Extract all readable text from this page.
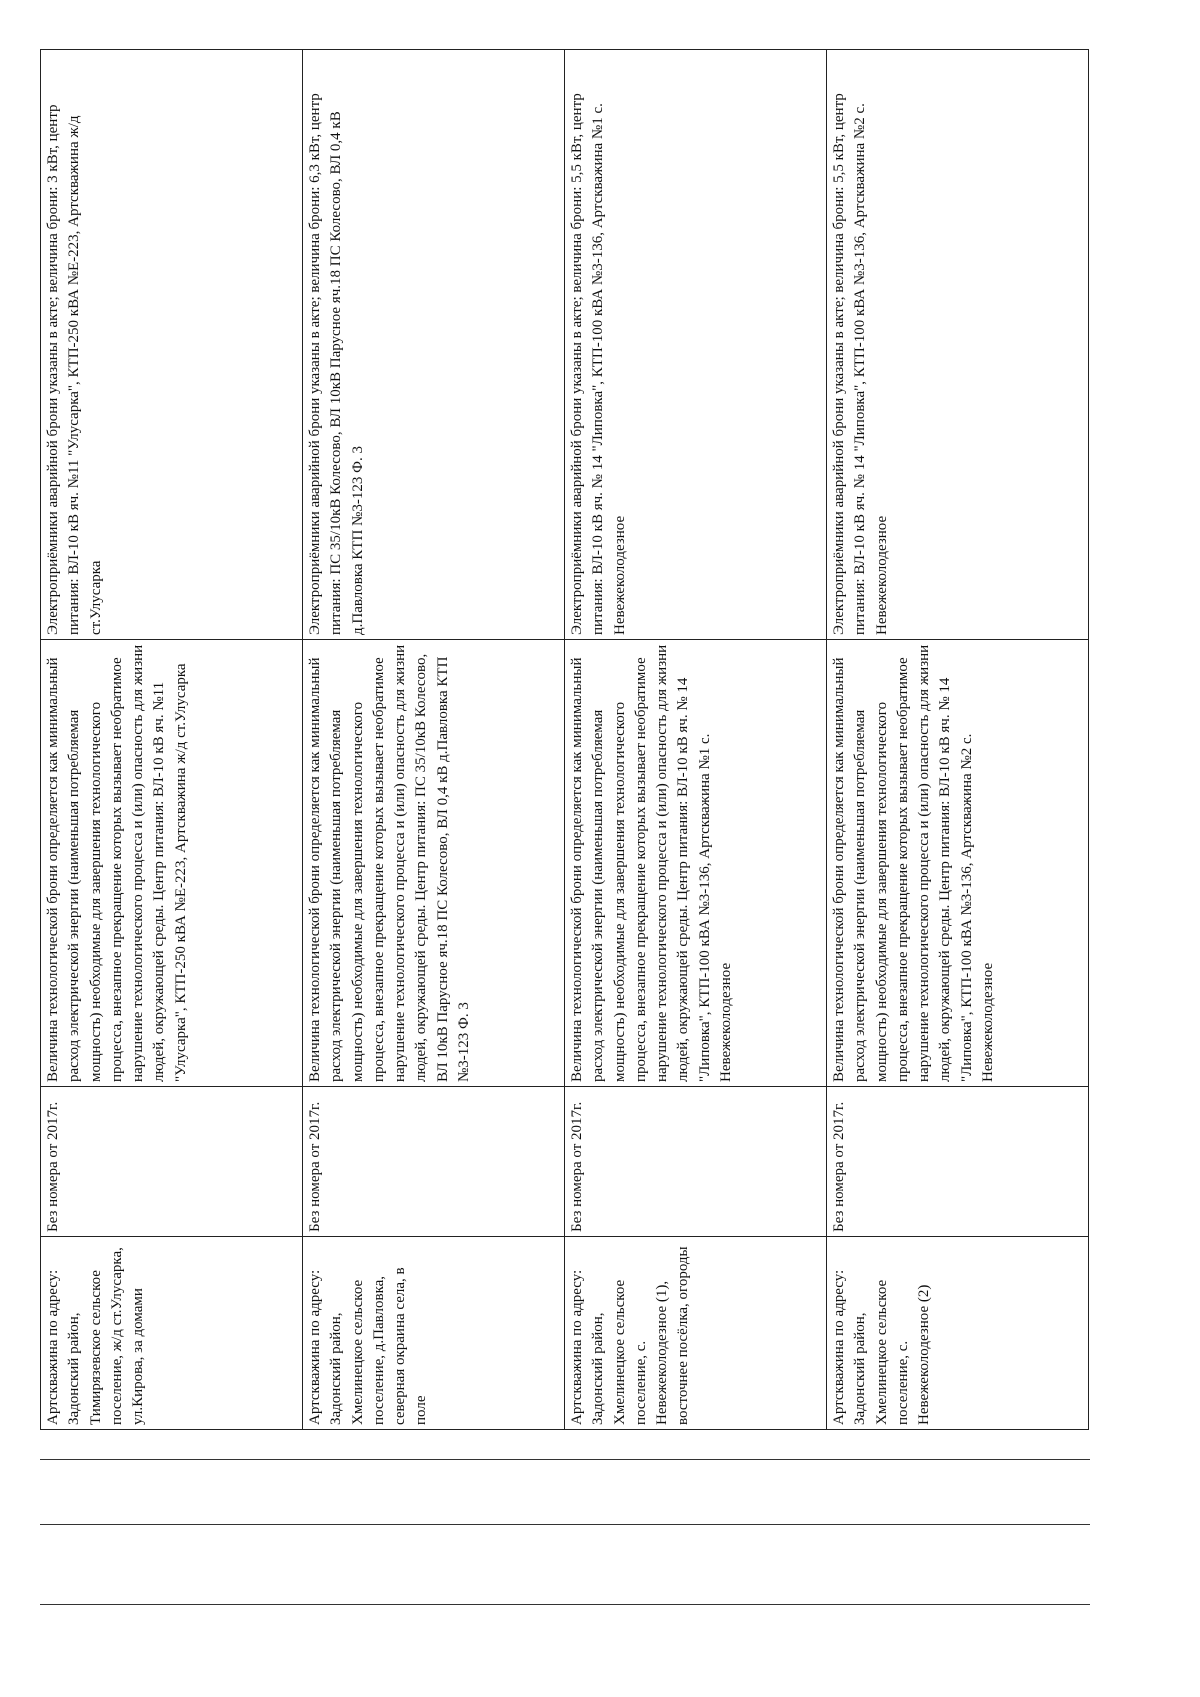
Артскважина по адресу: Задонский район, Тимирязевское сельское поселение, ж/д ст.Улусарка, ул.Кирова, за домами	Без номера от 2017г.	Величина технологической брони определяется как минимальный расход электрической энергии (наименьшая потребляемая мощность) необходимые для завершения технологического процесса, внезапное прекращение которых вызывает необратимое нарушение технологического процесса и (или) опасность для жизни людей, окружающей среды. Центр питания: ВЛ-10 кВ яч. №11 "Улусарка", КТП-250 кВА №Е-223, Артскважина ж/д ст.Улусарка	Электроприёмники аварийной брони указаны в акте; величина брони: 3 кВт, центр питания: ВЛ-10 кВ яч. №11 "Улусарка", КТП-250 кВА №Е-223, Артскважина ж/д ст.Улусарка
Артскважина по адресу: Задонский район, Хмелинецкое сельское поселение, д.Павловка, северная окраина села, в поле	Без номера от 2017г.	Величина технологической брони определяется как минимальный расход электрической энергии (наименьшая потребляемая мощность) необходимые для завершения технологического процесса, внезапное прекращение которых вызывает необратимое нарушение технологического процесса и (или) опасность для жизни людей, окружающей среды. Центр питания: ПС 35/10кВ Колесово, ВЛ 10кВ Парусное яч.18 ПС Колесово, ВЛ 0,4 кВ д.Павловка КТП №3-123 Ф. 3	Электроприёмники аварийной брони указаны в акте; величина брони: 6,3 кВт, центр питания: ПС 35/10кВ Колесово, ВЛ 10кВ Парусное яч.18 ПС Колесово, ВЛ 0,4 кВ д.Павловка КТП №3-123 Ф. 3
Артскважина по адресу: Задонский район, Хмелинецкое сельское поселение, с. Невежеколодезное (1), восточнее посёлка, огороды	Без номера от 2017г.	Величина технологической брони определяется как минимальный расход электрической энергии (наименьшая потребляемая мощность) необходимые для завершения технологического процесса, внезапное прекращение которых вызывает необратимое нарушение технологического процесса и (или) опасность для жизни людей, окружающей среды. Центр питания: ВЛ-10 кВ яч. № 14 "Липовка", КТП-100 кВА №3-136, Артскважина №1 с. Невежеколодезное	Электроприёмники аварийной брони указаны в акте; величина брони: 5,5 кВт, центр питания: ВЛ-10 кВ яч. № 14 "Липовка", КТП-100 кВА №3-136, Артскважина №1 с. Невежеколодезное
Артскважина по адресу: Задонский район, Хмелинецкое сельское поселение, с. Невежеколодезное (2)	Без номера от 2017г.	Величина технологической брони определяется как минимальный расход электрической энергии (наименьшая потребляемая мощность) необходимые для завершения технологического процесса, внезапное прекращение которых вызывает необратимое нарушение технологического процесса и (или) опасность для жизни людей, окружающей среды. Центр питания: ВЛ-10 кВ яч. № 14 "Липовка", КТП-100 кВА №3-136, Артскважина №2 с. Невежеколодезное	Электроприёмники аварийной брони указаны в акте; величина брони: 5,5 кВт, центр питания: ВЛ-10 кВ яч. № 14 "Липовка", КТП-100 кВА №3-136, Артскважина №2 с. Невежеколодезное
